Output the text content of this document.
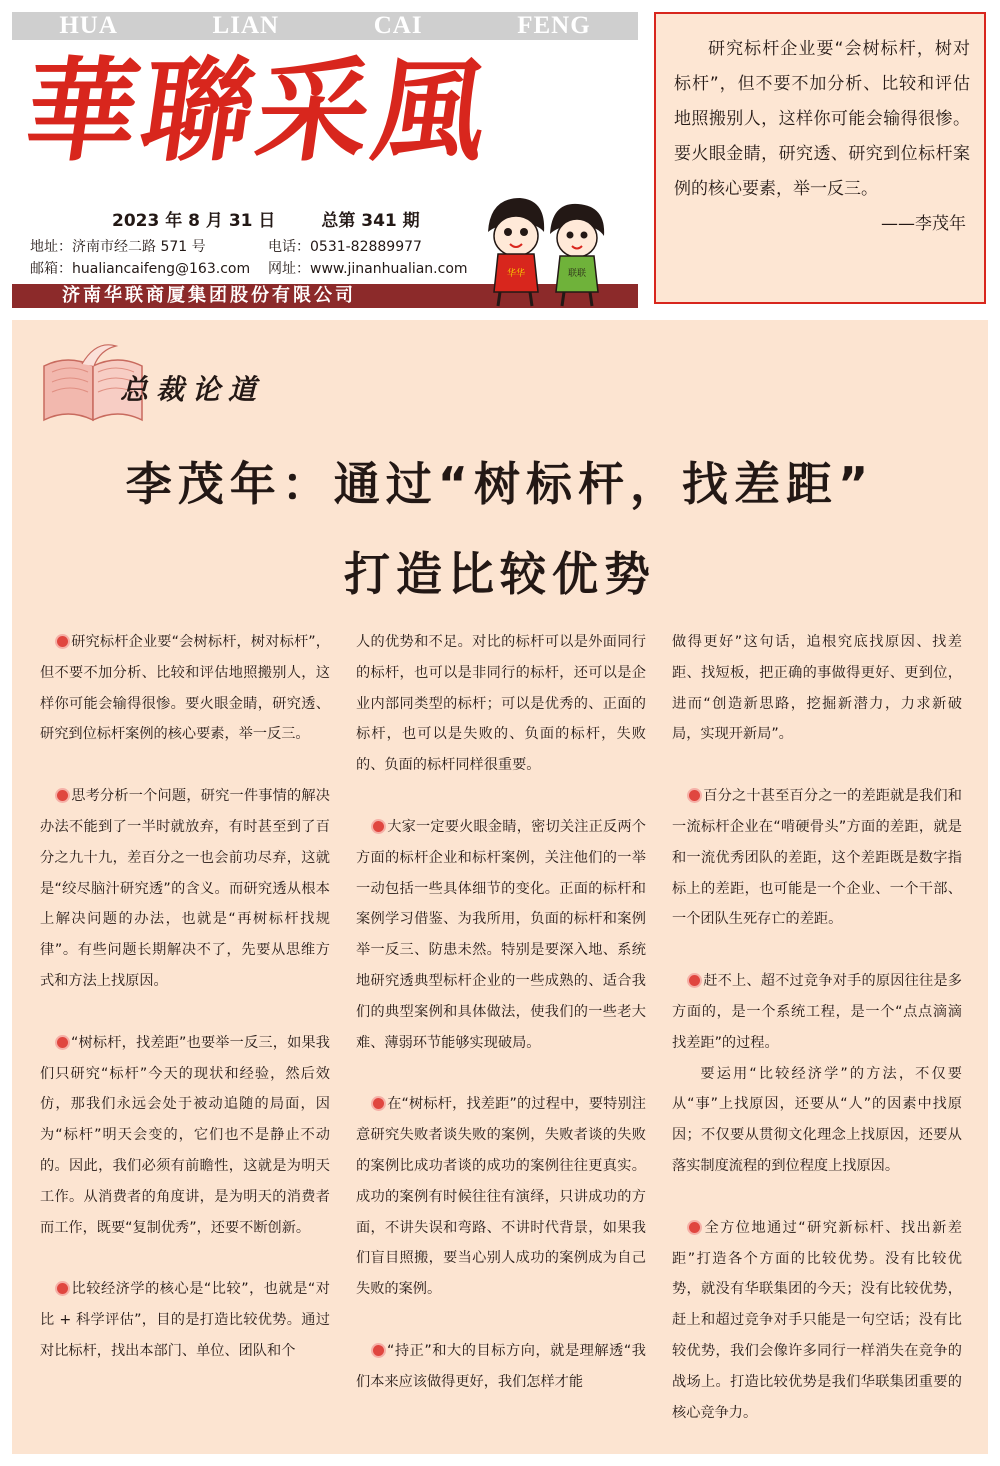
HUA	LIAN	CAI	FENG
華聯采風
2023 年 8 月 31 日	总第 341 期
地址：济南市经二路 571 号	电话：0531-82889977
邮箱：hualiancaifeng@163.com 网址：www.jinanhualian.com
济南华联商厦集团股份有限公司
华华	联联

研究标杆企业要“会树标杆，树对标杆”，但不要不加分析、比较和评估地照搬别人，这样你可能会输得很惨。要火眼金睛，研究透、研究到位标杆案例的核心要素，举一反三。

——李茂年
总裁论道
李茂年：通过“树标杆，找差距”
打造比较优势

研究标杆企业要“会树标杆，树对标杆”，但不要不加分析、比较和评估地照搬别人，这样你可能会输得很惨。要火眼金睛，研究透、研究到位标杆案例的核心要素，举一反三。

思考分析一个问题，研究一件事情的解决办法不能到了一半时就放弃，有时甚至到了百分之九十九，差百分之一也会前功尽弃，这就是“绞尽脑汁研究透”的含义。而研究透从根本上解决问题的办法，也就是“再树标杆找规律”。有些问题长期解决不了，先要从思维方式和方法上找原因。

“树标杆，找差距”也要举一反三，如果我们只研究“标杆”今天的现状和经验，然后效仿，那我们永远会处于被动追随的局面，因为“标杆”明天会变的，它们也不是静止不动的。因此，我们必须有前瞻性，这就是为明天工作。从消费者的角度讲，是为明天的消费者而工作，既要“复制优秀”，还要不断创新。

比较经济学的核心是“比较”，也就是“对比 + 科学评估”，目的是打造比较优势。通过对比标杆，找出本部门、单位、团队和个

人的优势和不足。对比的标杆可以是外面同行的标杆，也可以是非同行的标杆，还可以是企业内部同类型的标杆；可以是优秀的、正面的标杆，也可以是失败的、负面的标杆，失败的、负面的标杆同样很重要。

大家一定要火眼金睛，密切关注正反两个方面的标杆企业和标杆案例，关注他们的一举一动包括一些具体细节的变化。正面的标杆和案例学习借鉴、为我所用，负面的标杆和案例举一反三、防患未然。特别是要深入地、系统地研究透典型标杆企业的一些成熟的、适合我们的典型案例和具体做法，使我们的一些老大难、薄弱环节能够实现破局。

在“树标杆，找差距”的过程中，要特别注意研究失败者谈失败的案例，失败者谈的失败的案例比成功者谈的成功的案例往往更真实。成功的案例有时候往往有演绎，只讲成功的方面，不讲失误和弯路、不讲时代背景，如果我们盲目照搬，要当心别人成功的案例成为自己失败的案例。

“持正”和大的目标方向，就是理解透“我们本来应该做得更好，我们怎样才能

做得更好”这句话，追根究底找原因、找差距、找短板，把正确的事做得更好、更到位，进而“创造新思路，挖掘新潜力，力求新破局，实现开新局”。

百分之十甚至百分之一的差距就是我们和一流标杆企业在“啃硬骨头”方面的差距，就是和一流优秀团队的差距，这个差距既是数字指标上的差距，也可能是一个企业、一个干部、一个团队生死存亡的差距。

赶不上、超不过竞争对手的原因往往是多方面的，是一个系统工程，是一个“点点滴滴找差距”的过程。

要运用“比较经济学”的方法，不仅要从“事”上找原因，还要从“人”的因素中找原因；不仅要从贯彻文化理念上找原因，还要从落实制度流程的到位程度上找原因。

全方位地通过“研究新标杆、找出新差距”打造各个方面的比较优势。没有比较优势，就没有华联集团的今天；没有比较优势，赶上和超过竞争对手只能是一句空话；没有比较优势，我们会像许多同行一样消失在竞争的战场上。打造比较优势是我们华联集团重要的核心竞争力。
